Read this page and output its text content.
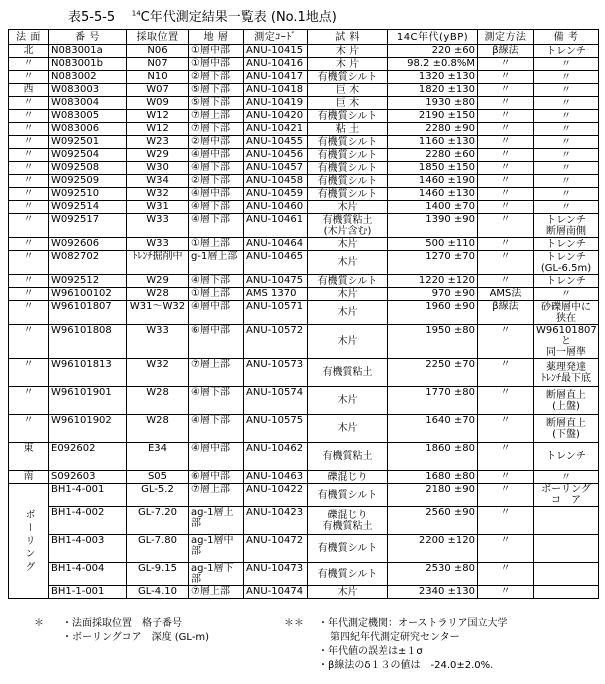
表5-5-5 $^{14}$C年代測定結果一覧表 (No.1地点)
法 面	番 号	採取位置	地 層	測定ｺｰﾄﾞ	試 料	14C年代(yBP)	測定方法	備 考
北	N083001a	N06	①層中部	ANU-10415	木 片	220 ±60	β線法	トレンチ
〃	N083001b	N07	①層中部	ANU-10416	木 片	98.2 ±0.8%M	〃	〃
〃	N083002	N10	②層下部	ANU-10417	有機質シルト	1320 ±130	〃	〃
西	W083003	W07	⑤層下部	ANU-10418	巨 木	1820 ±130	〃	〃
〃	W083004	W09	⑤層下部	ANU-10419	巨 木	1930 ±80	〃	〃
〃	W083005	W12	⑦層上部	ANU-10420	有機質シルト	2190 ±150	〃	〃
〃	W083006	W12	⑦層下部	ANU-10421	粘 土	2280 ±90	〃	〃
〃	W092501	W23	②層中部	ANU-10455	有機質シルト	1160 ±130	〃	〃
〃	W092504	W29	④層中部	ANU-10456	有機質シルト	2280 ±60	〃	〃
〃	W092508	W30	④層下部	ANU-10457	有機質シルト	1850 ±150	〃	〃
〃	W092509	W34	②層下部	ANU-10458	有機質シルト	1460 ±190	〃	〃
〃	W092510	W32	④層中部	ANU-10459	有機質シルト	1460 ±130	〃	〃
〃	W092514	W31	④層下部	ANU-10460	木片	1400 ±70	〃	〃
〃	W092517	W33	④層下部	ANU-10461	有機質粘土
(木片含む)	1390 ±90	〃	トレンチ
断層南側
〃	W092606	W33	①層上部	ANU-10464	木片	500 ±110	〃	トレンチ
〃	W082702	ﾄﾚﾝﾁ掘削中	g-1層上部	ANU-10465	木片	1270 ±70	〃	トレンチ
(GL-6.5m)
〃	W092512	W29	④層下部	ANU-10475	有機質シルト	1220 ±120	〃	トレンチ
〃	W96100102	W28	①層上部	AMS 1370	木片	970 ±90	AMS法	〃
〃	W96101807	W31～W32	④層中部	ANU-10571	木片	1960 ±90	β線法	砂礫層中に
狭在
〃	W96101808	W33	⑥層中部	ANU-10572	木片	1950 ±80	〃	W96101807と
同一層準
〃	W96101813	W32	⑦層上部	ANU-10573	有機質粘土	2250 ±70	〃	薬理発達
ﾄﾚﾝﾁ最下底
〃	W96101901	W28	④層下部	ANU-10574	木片	1770 ±80	〃	断層直上
(上盤)
〃	W96101902	W28	④層下部	ANU-10575	木片	1640 ±70	〃	断層直上
(下盤)
東	E092602	E34	④層中部	ANU-10462	有機質粘土	1860 ±80	〃	トレンチ
南	S092603	S05	⑥層中部	ANU-10463	礫混じり	1680 ±80	〃	〃
ボーリング	BH1-4-001	GL-5.2	⑦層上部	ANU-10422	有機質シルト	2180 ±90	〃	ボーリング
コ　ア
	BH1-4-002	GL-7.20	ag-1層上部	ANU-10423	礫混じり
有機質粘土	2560 ±90	〃	
	BH1-4-003	GL-7.80	ag-1層中部	ANU-10472	有機質シルト	2200 ±120	〃	
	BH1-4-004	GL-9.15	ag-1層下部	ANU-10473	有機質シルト	2530 ±80	〃	
	BH1-1-001	GL-4.10	⑦層上部	ANU-10474	木片	2340 ±130	〃	
＊ ・法面採取位置　格子番号
・ボーリングコア　深度 (GL-m)
＊＊ ・年代測定機関：オーストラリア国立大学
第四紀年代測定研究センター
・年代値の誤差は±１σ
・β線法のδ１３の値は　-24.0±2.0%.
